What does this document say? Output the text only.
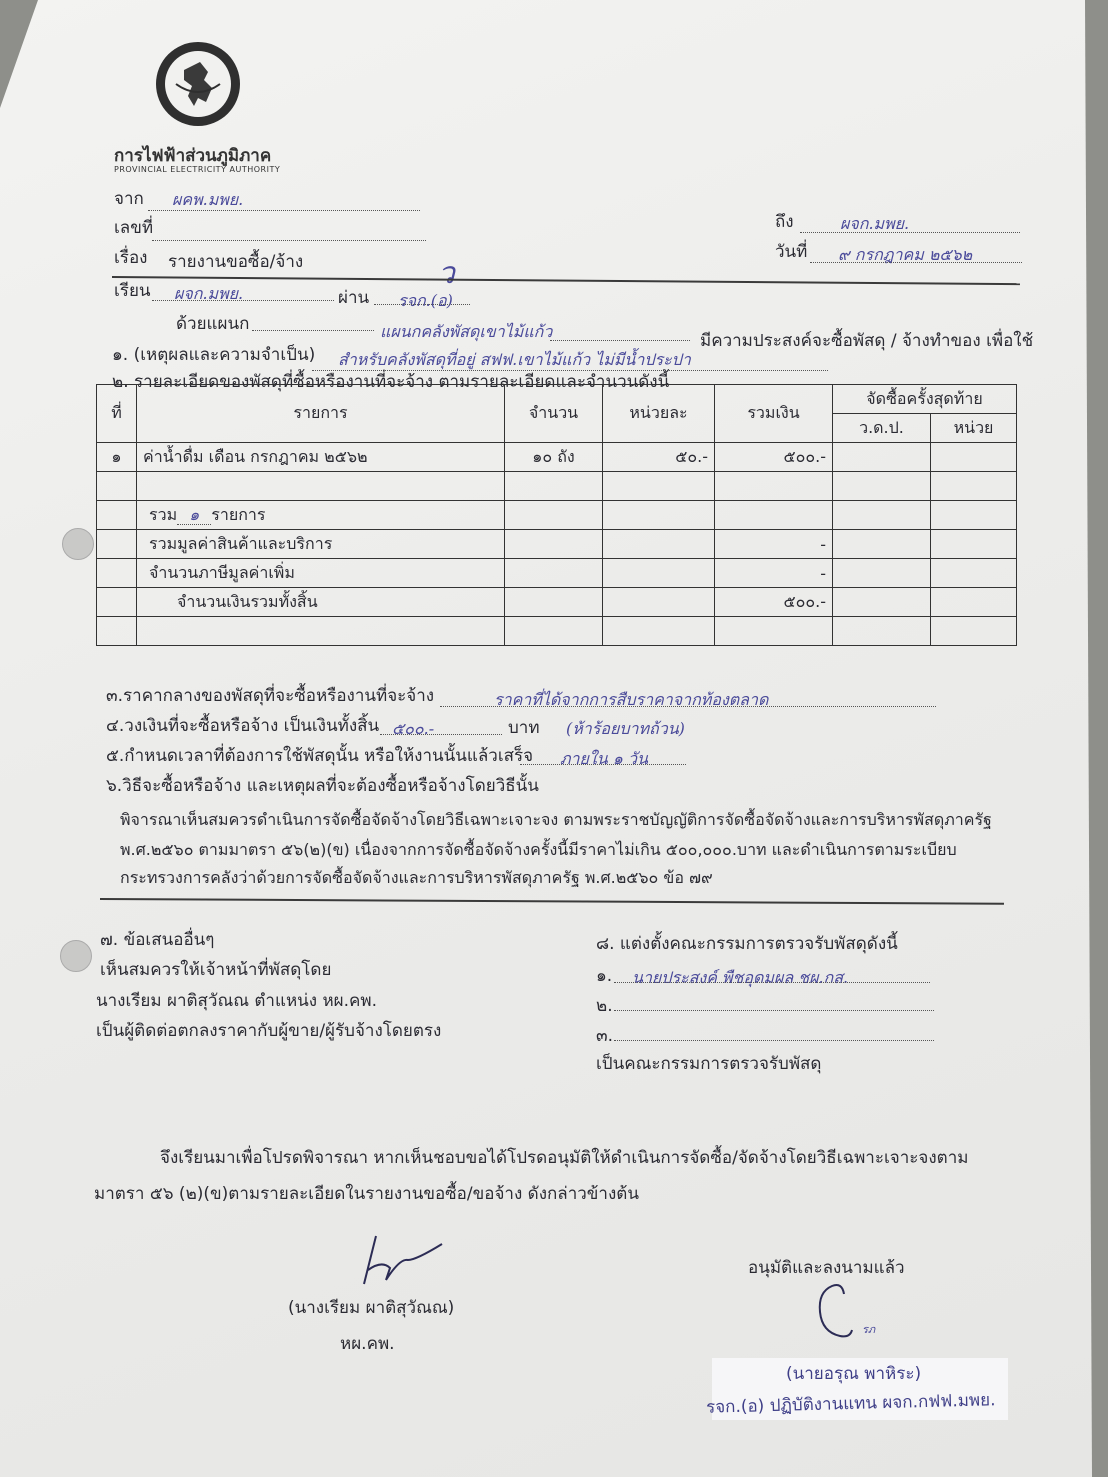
การไฟฟ้าส่วนภูมิภาค
PROVINCIAL ELECTRICITY AUTHORITY
จาก ผคพ.มพย.
เลขที่	ถึง	ผจก.มพย.
วันที่ ๙ กรกฎาคม ๒๕๖๒
เรื่อง รายงานขอซื้อ/จ้าง	ว
เรียน ผจก.มพย.	ผ่าน รจก.(อ)
ด้วยแผนก	แผนกคลังพัสดุเขาไม้แก้ว	มีความประสงค์จะซื้อพัสดุ / จ้างทำของ เพื่อใช้
๑. (เหตุผลและความจำเป็น) สำหรับคลังพัสดุที่อยู่ สฟฟ.เขาไม้แก้ว ไม่มีน้ำประปา
๒. รายละเอียดของพัสดุที่ซื้อหรืองานที่จะจ้าง ตามรายละเอียดและจำนวนดังนี้
ที่	รายการ	จำนวน	หน่วยละ	รวมเงิน	จัดซื้อครั้งสุดท้าย	
					ว.ด.ป.	หน่วย
๑	ค่าน้ำดื่ม เดือน กรกฎาคม ๒๕๖๒	๑๐ ถัง	๕๐.-	๕๐๐.-		

	รวม ๑ รายการ					
	รวมมูลค่าสินค้าและบริการ			-		
	จำนวนภาษีมูลค่าเพิ่ม			-		
	จำนวนเงินรวมทั้งสิ้น			๕๐๐.-		

๓.ราคากลางของพัสดุที่จะซื้อหรืองานที่จะจ้าง	ราคาที่ได้จากการสืบราคาจากท้องตลาด
๔.วงเงินที่จะซื้อหรือจ้าง เป็นเงินทั้งสิ้น ๕๐๐.-	บาท (ห้าร้อยบาทถ้วน)
๕.กำหนดเวลาที่ต้องการใช้พัสดุนั้น หรือให้งานนั้นแล้วเสร็จ ภายใน ๑ วัน
๖.วิธีจะซื้อหรือจ้าง และเหตุผลที่จะต้องซื้อหรือจ้างโดยวิธีนั้น
พิจารณาเห็นสมควรดำเนินการจัดซื้อจัดจ้างโดยวิธีเฉพาะเจาะจง ตามพระราชบัญญัติการจัดซื้อจัดจ้างและการบริหารพัสดุภาครัฐ
พ.ศ.๒๕๖๐ ตามมาตรา ๕๖(๒)(ข) เนื่องจากการจัดซื้อจัดจ้างครั้งนี้มีราคาไม่เกิน ๕๐๐,๐๐๐.บาท และดำเนินการตามระเบียบ
กระทรวงการคลังว่าด้วยการจัดซื้อจัดจ้างและการบริหารพัสดุภาครัฐ พ.ศ.๒๕๖๐ ข้อ ๗๙
๗. ข้อเสนออื่นๆ
เห็นสมควรให้เจ้าหน้าที่พัสดุโดย
นางเรียม ผาติสุวัณณ ตำแหน่ง หผ.คพ.
เป็นผู้ติดต่อตกลงราคากับผู้ขาย/ผู้รับจ้างโดยตรง
๘. แต่งตั้งคณะกรรมการตรวจรับพัสดุดังนี้
๑. นายประสงค์ พืชอุดมผล ชผ.กส.
๒.
๓.
เป็นคณะกรรมการตรวจรับพัสดุ
จึงเรียนมาเพื่อโปรดพิจารณา หากเห็นชอบขอได้โปรดอนุมัติให้ดำเนินการจัดซื้อ/จัดจ้างโดยวิธีเฉพาะเจาะจงตาม
มาตรา ๕๖ (๒)(ข)ตามรายละเอียดในรายงานขอซื้อ/ขอจ้าง ดังกล่าวข้างต้น
(นางเรียม ผาติสุวัณณ)
หผ.คพ.
อนุมัติและลงนามแล้ว
รภ
(นายอรุณ พาหิระ)
รจก.(อ) ปฏิบัติงานแทน ผจก.กฟฟ.มพย.
